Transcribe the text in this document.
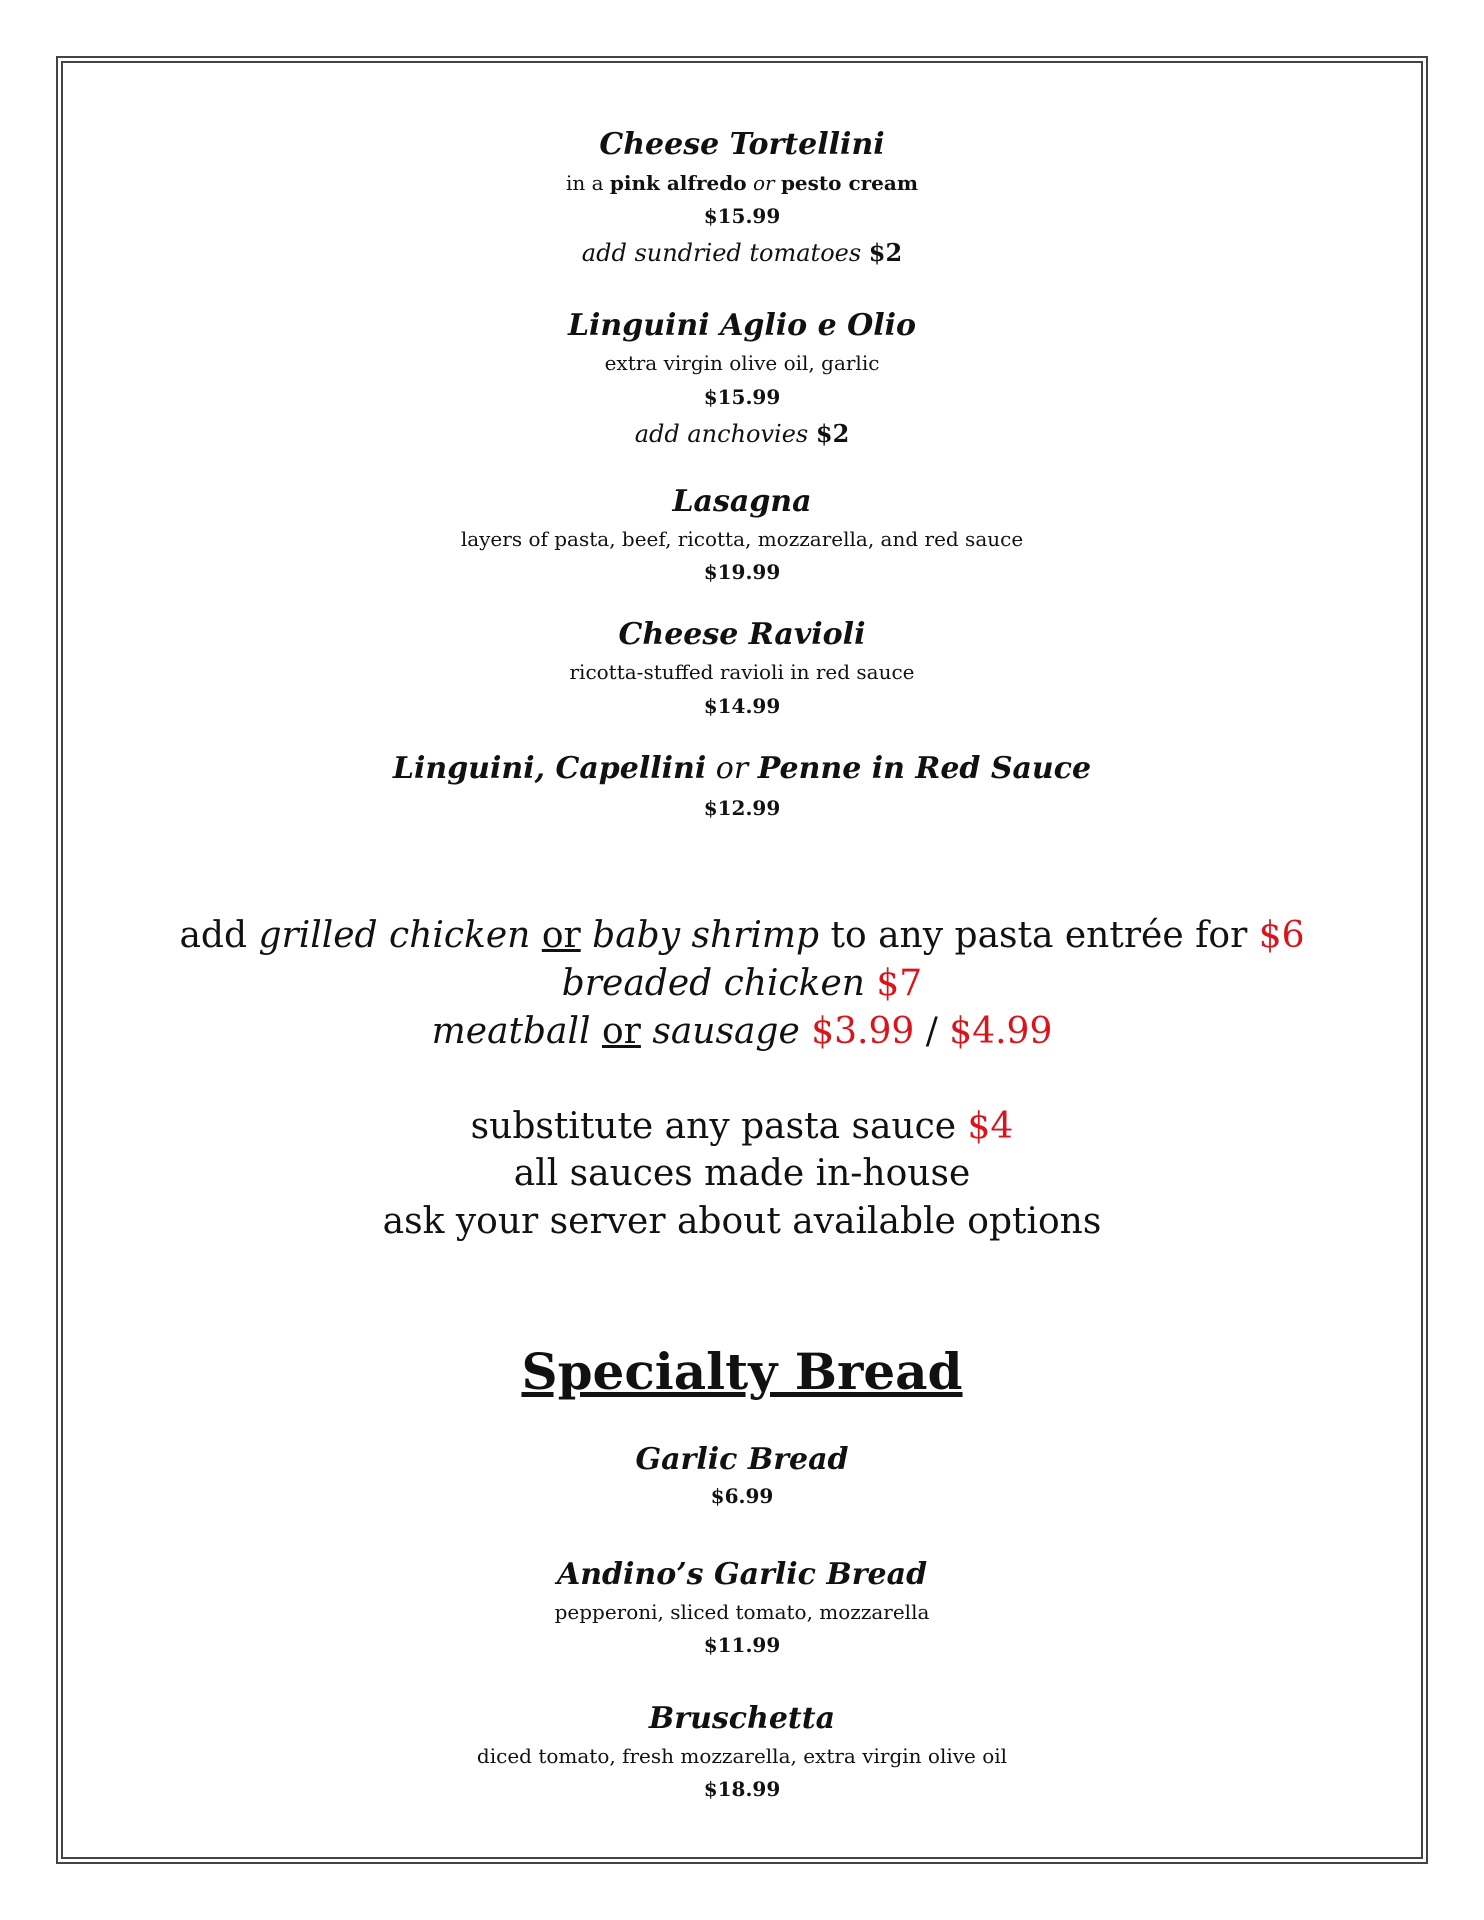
Cheese Tortellini
in a pink alfredo or pesto cream
$15.99
add sundried tomatoes $2
Linguini Aglio e Olio
extra virgin olive oil, garlic
$15.99
add anchovies $2
Lasagna
layers of pasta, beef, ricotta, mozzarella, and red sauce
$19.99
Cheese Ravioli
ricotta-stuffed ravioli in red sauce
$14.99
Linguini, Capellini or Penne in Red Sauce
$12.99
add grilled chicken or baby shrimp to any pasta entrée for $6
breaded chicken $7
meatball or sausage $3.99 / $4.99
substitute any pasta sauce $4
all sauces made in-house
ask your server about available options
Specialty Bread
Garlic Bread
$6.99
Andino’s Garlic Bread
pepperoni, sliced tomato, mozzarella
$11.99
Bruschetta
diced tomato, fresh mozzarella, extra virgin olive oil
$18.99
